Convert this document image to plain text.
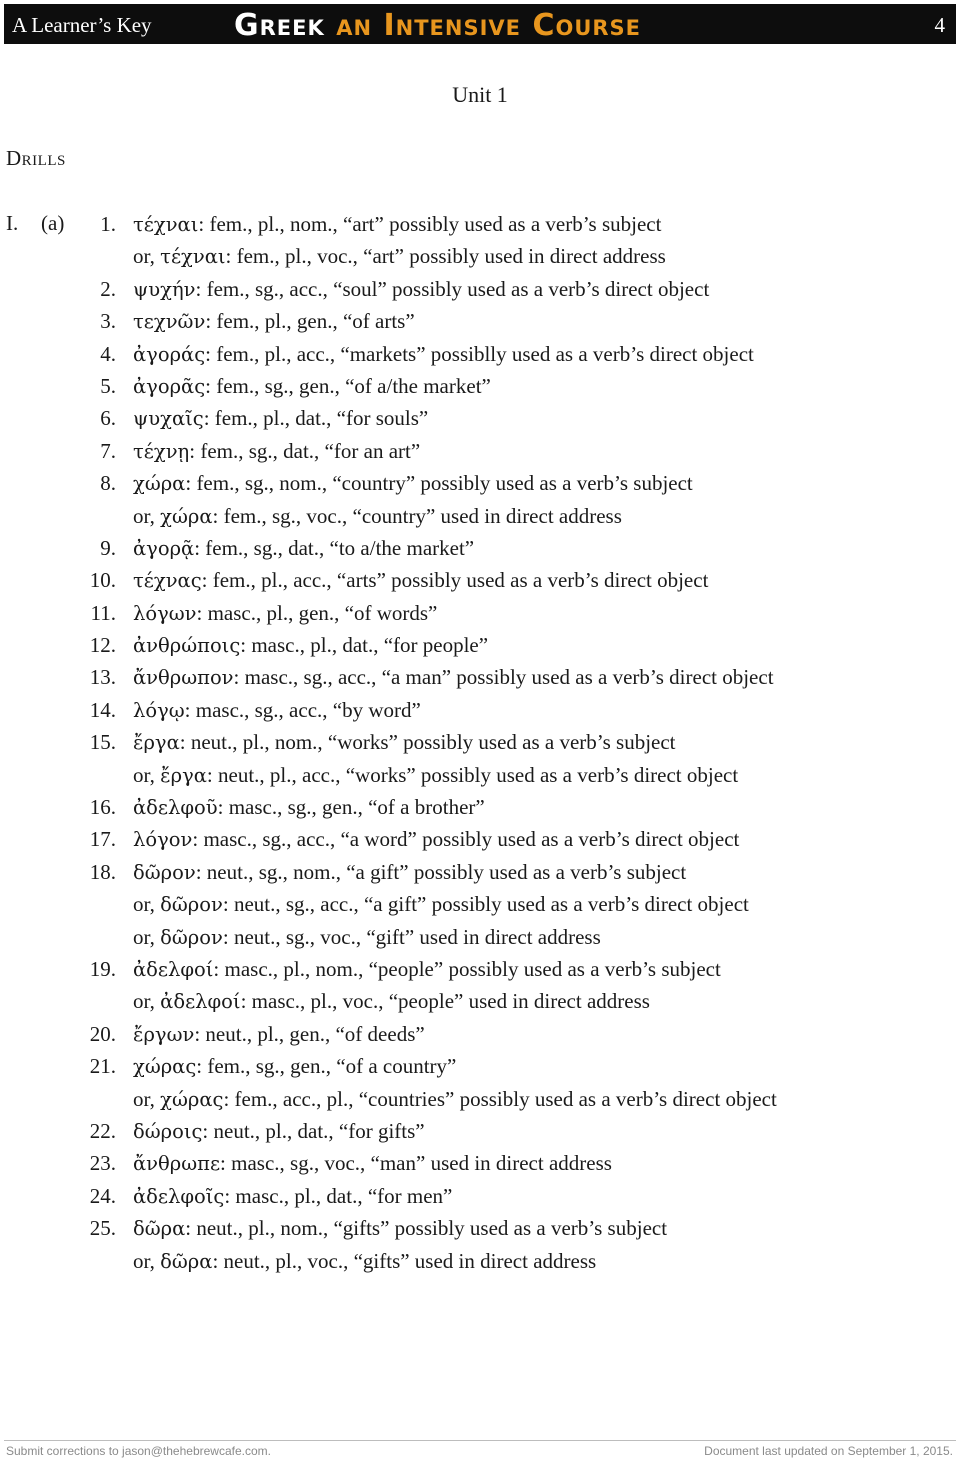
A Learner’s Key	Greek an Intensive Course	4
Unit 1
Drills
I. (a)	1. τέχναι: fem., pl., nom., “art” possibly used as a verb’s subject
or, τέχναι: fem., pl., voc., “art” possibly used in direct address
2. ψυχήν: fem., sg., acc., “soul” possibly used as a verb’s direct object
3. τεχνῶν: fem., pl., gen., “of arts”
4. ἀγοράς: fem., pl., acc., “markets” possiblly used as a verb’s direct object
5. ἀγορᾶς: fem., sg., gen., “of a/the market”
6. ψυχαῖς: fem., pl., dat., “for souls”
7. τέχνῃ: fem., sg., dat., “for an art”
8. χώρα: fem., sg., nom., “country” possibly used as a verb’s subject
or, χώρα: fem., sg., voc., “country” used in direct address
9. ἀγορᾷ: fem., sg., dat., “to a/the market”
10. τέχνας: fem., pl., acc., “arts” possibly used as a verb’s direct object
11. λόγων: masc., pl., gen., “of words”
12. ἀνθρώποις: masc., pl., dat., “for people”
13. ἄνθρωπον: masc., sg., acc., “a man” possibly used as a verb’s direct object
14. λόγῳ: masc., sg., acc., “by word”
15. ἔργα: neut., pl., nom., “works” possibly used as a verb’s subject
or, ἔργα: neut., pl., acc., “works” possibly used as a verb’s direct object
16. ἀδελφοῦ: masc., sg., gen., “of a brother”
17. λόγον: masc., sg., acc., “a word” possibly used as a verb’s direct object
18. δῶρον: neut., sg., nom., “a gift” possibly used as a verb’s subject
or, δῶρον: neut., sg., acc., “a gift” possibly used as a verb’s direct object
or, δῶρον: neut., sg., voc., “gift” used in direct address
19. ἀδελφοί: masc., pl., nom., “people” possibly used as a verb’s subject
or, ἀδελφοί: masc., pl., voc., “people” used in direct address
20. ἔργων: neut., pl., gen., “of deeds”
21. χώρας: fem., sg., gen., “of a country”
or, χώρας: fem., acc., pl., “countries” possibly used as a verb’s direct object
22. δώροις: neut., pl., dat., “for gifts”
23. ἄνθρωπε: masc., sg., voc., “man” used in direct address
24. ἀδελφοῖς: masc., pl., dat., “for men”
25. δῶρα: neut., pl., nom., “gifts” possibly used as a verb’s subject
or, δῶρα: neut., pl., voc., “gifts” used in direct address
Submit corrections to jason@thehebrewcafe.com.	Document last updated on September 1, 2015.
